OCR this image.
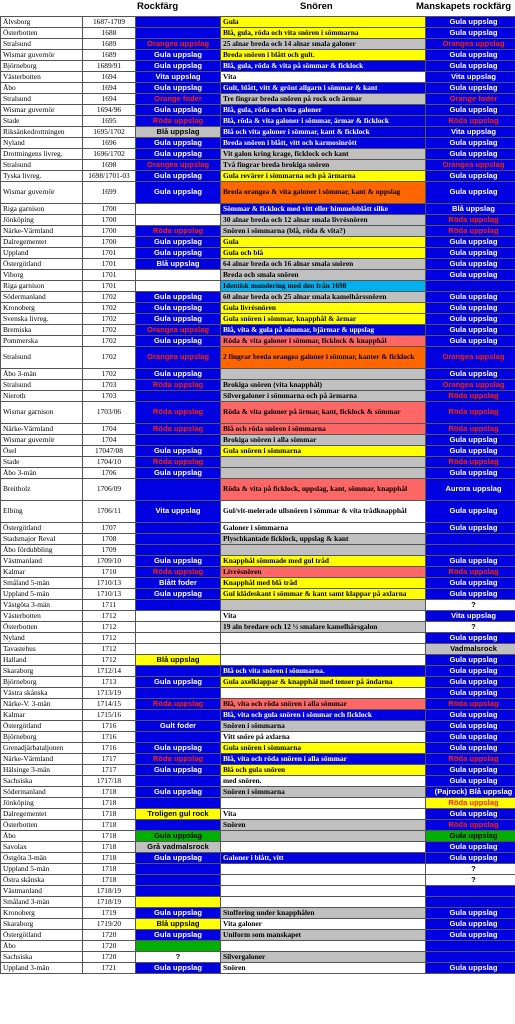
Rockfärg	Snören	Manskapets rockfärg
Älvsborg	1687-1709		Gula	Gula uppslag
Österbotten	1688		Blå, gula, röda och vita snören i sömmarna	Gula uppslag
Stralsund	1689	Orangea uppslag	25 alnar breda och 14 alnar smala galoner	Orangea uppslag
Wismar guvernör	1689	Gula uppslag	Breda snören i blått och gult.	Gula uppslag
Björneborg	1689/91	Gula uppslag	Blå, gula, röda & vita på sömmar & ficklock	Gula uppslag
Västerbotten	1694	Vita uppslag	Vita	Vita uppslag
Åbo	1694	Gula uppslag	Gult, blått, vitt & grönt allgarn i sömmar & kant	Gula uppslag
Stralsund	1694	Orange foder	Tre fingrar breda snören på rock och ärmar	Orange foder
Wismar guvernör	1694/96	Gula uppslag	Blå, gula, röda och vita galoner	Gula uppslag
Stade	1695	Röda uppslag	Blå, röda & vita galoner i sömmar, ärmar & ficklock	Röda uppslag
Riksänkedrottningen	1695/1702	Blå uppslag	Blå och vita galoner i sömmar, kant & ficklock	Vita uppslag
Nyland	1696	Gula uppslag	Breda snören i blått, vitt och karmosinrött	Gula uppslag
Drottningens livreg.	1696/1702	Gula uppslag	Vit galon kring krage, ficklock och kant	Gula uppslag
Stralsund	1698	Orangea uppslag	Två fingrar breda brokiga snören	Orangea uppslag
Tyska livreg.	1698/1701-03	Gula uppslag	Gula revärer i sömmarna och på ärmarna	Gula uppslag
Wismar guvernör	1699	Gula uppslag	Breda orangea & vita galoner i sömmar, kant & uppslag	Gula uppslag
Riga garnison	1700		Sömmar & ficklock med vitt eller himmelsblått silke	Blå uppslag
Jönköping	1700		30 alnar breda och 12 alnar smala livrésnören	Röda uppslag
Närke-Värmland	1700	Röda uppslag	Snören i sömmarna (blå, röda & vita?)	Röda uppslag
Dalregementet	1700	Gula uppslag	Gula	Gula uppslag
Uppland	1701	Gula uppslag	Gula och blå	Gula uppslag
Östergötland	1701	Blå uppslag	64 alnar breda och 16 alnar smala snören	Gula uppslag
Viborg	1701		Breda och smala snören	Gula uppslag
Riga garnison	1701		Identisk mundering med den från 1698	
Södermanland	1702	Gula uppslag	60 alnar breda och 25 alnar smala kamelhårssnören	Gula uppslag
Kronoberg	1702	Gula uppslag	Gula livrésnören	Gula uppslag
Svenska livreg.	1702	Gula uppslag	Gula snören i sömmar, knapphål & ärmar	Gula uppslag
Bremiska	1702	Orangea uppslag	Blå, vita & gula på sömmar, bjärmar & uppslag	Gula uppslag
Pommerska	1702	Gula uppslag	Röda & vita galoner i sömmar, ficklock & knapphål	Gula uppslag
Stralsund	1702	Orangea uppslag	2 fingrar breda orangea galoner i sömmar, kanter & ficklock	Orangea uppslag
Åbo 3-män	1702	Gula uppslag		Gula uppslag
Stralsund	1703	Röda uppslag	Brokiga snören (vita knapphål)	Orangea uppslag
Nieroth	1703		Silvergaloner i sömmarna och på ärmarna	Röda uppslag
Wismar garnison	1703/06	Röda uppslag	Röda & vita galoner på ärmar, kant, ficklock & sömmar	Röda uppslag
Närke-Värmland	1704	Röda uppslag	Blå och röda snören i sömmarna	Röda uppslag
Wismar guvernör	1704		Brokiga snören i alla sömmar	Gula uppslag
Ösel	17047/08	Gula uppslag	Gula snören i sömmarna	Gula uppslag
Stade	1704/10	Röda uppslag		Röda uppslag
Åbo 3-män	1706	Gula uppslag		Gula uppslag
Breitholz	1706/09		Röda & vita på ficklock, uppslag, kant, sömmar, knapphål	Aurora uppslag
Elbing	1706/11	Vita uppslag	Gul/vit-melerade ullsnören i sömmar & vita trådknapphål	Gula uppslag
Östergötland	1707		Galoner i sömmarna	Gula uppslag
Stadsmajor Reval	1708		Plyschkantade ficklock, uppslag & kant	
Åbo fördubbling	1709			
Västmanland	1709/10	Gula uppslag	Knapphål sömmade med gul tråd	Gula uppslag
Kalmar	1710	Röda uppslag	Livrésnören	Röda uppslag
Småland 5-män	1710/13	Blått foder	Knapphål med blå tråd	Gula uppslag
Uppland 5-män	1710/13	Gula uppslag	Gul klädeskant i sömmar & kant samt klappar på axlarna	Gula uppslag
Västgöta 3-män	1711			?
Västerbotten	1712		Vita	Vita uppslag
Österbotten	1712		19 aln bredare och 12 ½ smalare kamelhårsgalon	?
Nyland	1712			Gula uppslag
Tavastehus	1712			Vadmalsrock
Halland	1712	Blå uppslag		Gula uppslag
Skaraborg	1712/14		Blå och vita snören i sömmarna.	Gula uppslag
Björneborg	1713	Gula uppslag	Gula axelklappar & knapphål med tenser på ändarna	Gula uppslag
Västra skånska	1713/19			Gula uppslag
Närke-V. 3-män	1714/15	Röda uppslag	Blå, vita och röda snören i alla sömmar	Röda uppslag
Kalmar	1715/16		Blå, vita och gula snören i sömmar och ficklock	Gula uppslag
Östergötland	1716	Gult foder	Snören i sömmarna	Gula uppslag
Björneborg	1716		Vitt snöre på axlarna	Gula uppslag
Grenadjärbataljonen	1716	Gula uppslag	Gula snören i sömmarna	Gula uppslag
Närke-Värmland	1717	Röda uppslag	Blå, vita och röda snören i alla sömmar	Röda uppslag
Hälsinge 3-män	1717	Gula uppslag	Blå och gula snören	Gula uppslag
Sachsiska	1717/18		med snören.	Gula uppslag
Södermanland	1718	Gula uppslag	Snören i sömmarna	(Pajrock) Blå uppslag
Jönköping	1718			Röda uppslag
Dalregementet	1718	Troligen gul rock	Vita	Gula uppslag
Österbotten	1718		Snören	Röda uppslag
Åbo	1718	Gula uppslag		Gula uppslag
Savolax	1718	Grå vadmalsrock		Gula uppslag
Östgöta 3-män	1718	Gula uppslag	Galoner i blått, vitt	Gula uppslag
Uppland 5-män	1718			?
Östra skånska	1718			?
Västmanland	1718/19			
Småland 3-män	1718/19			
Kronoberg	1719	Gula uppslag	Stoffering under knapphålen	Gula uppslag
Skaraborg	1719/20	Blå uppslag	Vita galoner	Gula uppslag
Östergötland	1720	Gula uppslag	Uniform som manskapet	Gula uppslag
Åbo	1720			
Sachsiska	1720	?	Silvergaloner	
Uppland 3-män	1721	Gula uppslag	Snören	Gula uppslag
